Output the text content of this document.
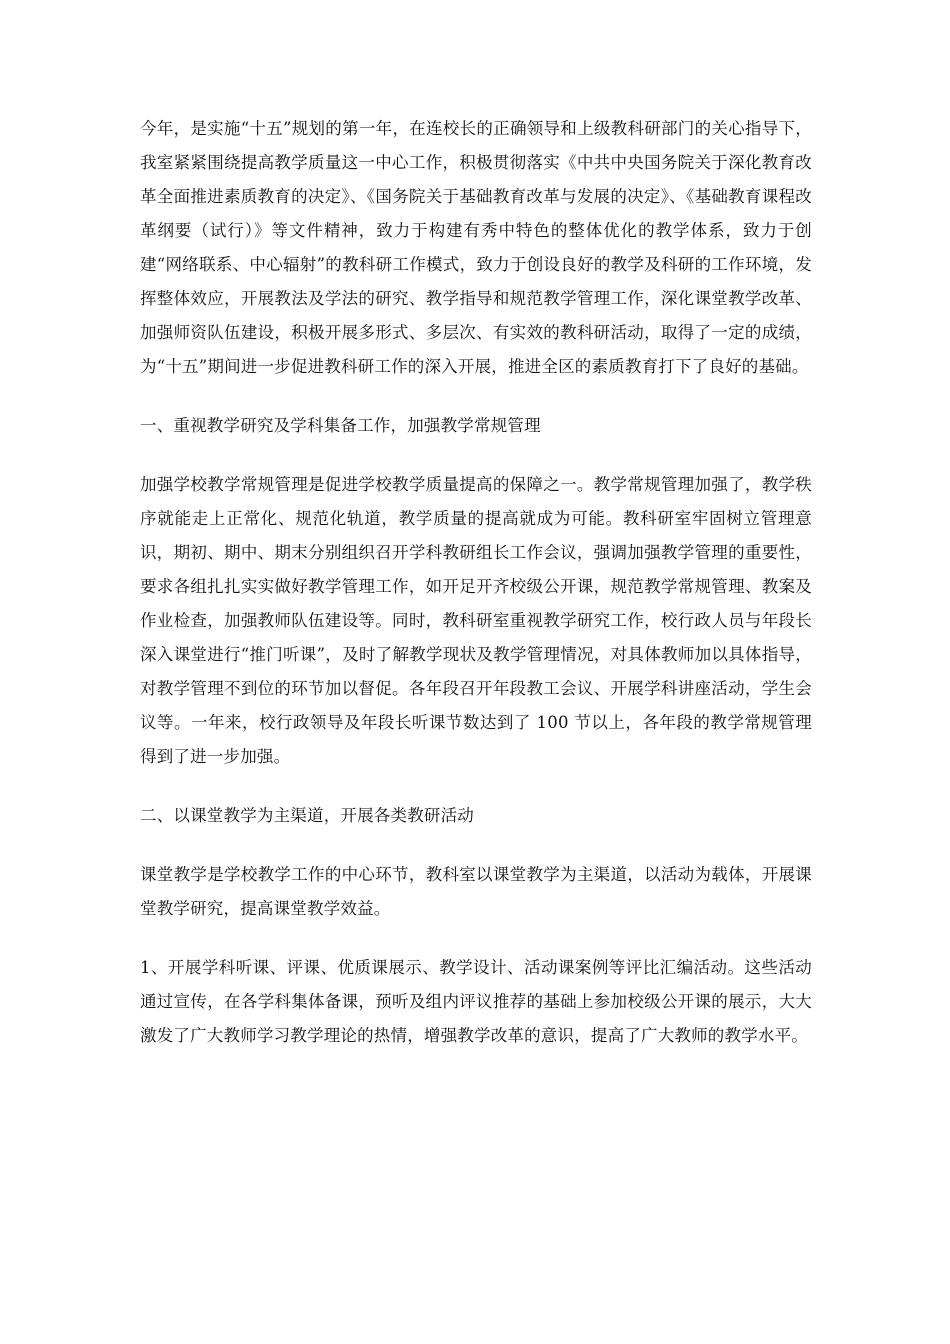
今年，是实施“十五”规划的第一年，在连校长的正确领导和上级教科研部门的关心指导下，我室紧紧围绕提高教学质量这一中心工作，积极贯彻落实《中共中央国务院关于深化教育改革全面推进素质教育的决定》、《国务院关于基础教育改革与发展的决定》、《基础教育课程改革纲要（试行）》等文件精神，致力于构建有秀中特色的整体优化的教学体系，致力于创建“网络联系、中心辐射”的教科研工作模式，致力于创设良好的教学及科研的工作环境，发挥整体效应，开展教法及学法的研究、教学指导和规范教学管理工作，深化课堂教学改革、加强师资队伍建设，积极开展多形式、多层次、有实效的教科研活动，取得了一定的成绩，为“十五”期间进一步促进教科研工作的深入开展，推进全区的素质教育打下了良好的基础。

一、重视教学研究及学科集备工作，加强教学常规管理

加强学校教学常规管理是促进学校教学质量提高的保障之一。教学常规管理加强了，教学秩序就能走上正常化、规范化轨道，教学质量的提高就成为可能。教科研室牢固树立管理意识，期初、期中、期末分别组织召开学科教研组长工作会议，强调加强教学管理的重要性，要求各组扎扎实实做好教学管理工作，如开足开齐校级公开课，规范教学常规管理、教案及作业检查，加强教师队伍建设等。同时，教科研室重视教学研究工作，校行政人员与年段长深入课堂进行“推门听课”，及时了解教学现状及教学管理情况，对具体教师加以具体指导，对教学管理不到位的环节加以督促。各年段召开年段教工会议、开展学科讲座活动，学生会议等。一年来，校行政领导及年段长听课节数达到了 100 节以上，各年段的教学常规管理得到了进一步加强。

二、以课堂教学为主渠道，开展各类教研活动

课堂教学是学校教学工作的中心环节，教科室以课堂教学为主渠道，以活动为载体，开展课堂教学研究，提高课堂教学效益。

1、开展学科听课、评课、优质课展示、教学设计、活动课案例等评比汇编活动。这些活动通过宣传，在各学科集体备课，预听及组内评议推荐的基础上参加校级公开课的展示，大大激发了广大教师学习教学理论的热情，增强教学改革的意识，提高了广大教师的教学水平。
